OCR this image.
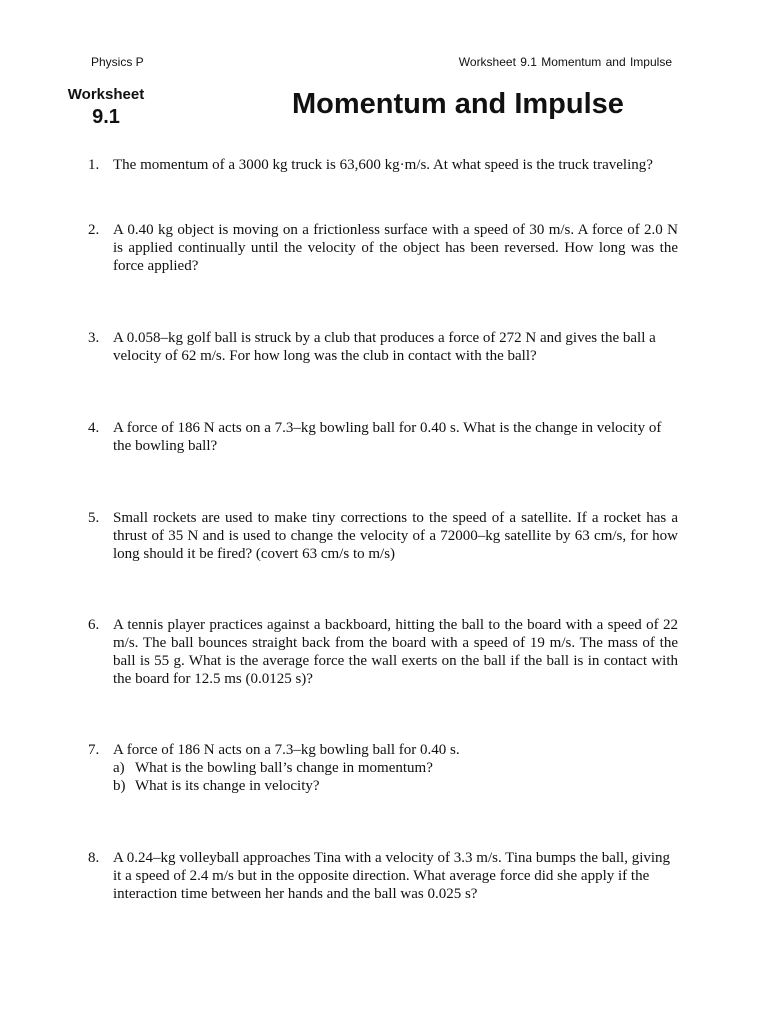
Physics P	Worksheet 9.1 Momentum and Impulse
Worksheet
9.1	Momentum and Impulse
1. The momentum of a 3000 kg truck is 63,600 kg·m/s. At what speed is the truck traveling?
2. A 0.40 kg object is moving on a frictionless surface with a speed of 30 m/s. A force of 2.0 N is applied continually until the velocity of the object has been reversed. How long was the force applied?
3. A 0.058–kg golf ball is struck by a club that produces a force of 272 N and gives the ball a velocity of 62 m/s. For how long was the club in contact with the ball?
4. A force of 186 N acts on a 7.3–kg bowling ball for 0.40 s. What is the change in velocity of the bowling ball?
5. Small rockets are used to make tiny corrections to the speed of a satellite. If a rocket has a thrust of 35 N and is used to change the velocity of a 72000–kg satellite by 63 cm/s, for how long should it be fired? (covert 63 cm/s to m/s)
6. A tennis player practices against a backboard, hitting the ball to the board with a speed of 22 m/s. The ball bounces straight back from the board with a speed of 19 m/s. The mass of the ball is 55 g. What is the average force the wall exerts on the ball if the ball is in contact with the board for 12.5 ms (0.0125 s)?
7. A force of 186 N acts on a 7.3–kg bowling ball for 0.40 s.
a) What is the bowling ball’s change in momentum?
b) What is its change in velocity?
8. A 0.24–kg volleyball approaches Tina with a velocity of 3.3 m/s. Tina bumps the ball, giving it a speed of 2.4 m/s but in the opposite direction. What average force did she apply if the interaction time between her hands and the ball was 0.025 s?
